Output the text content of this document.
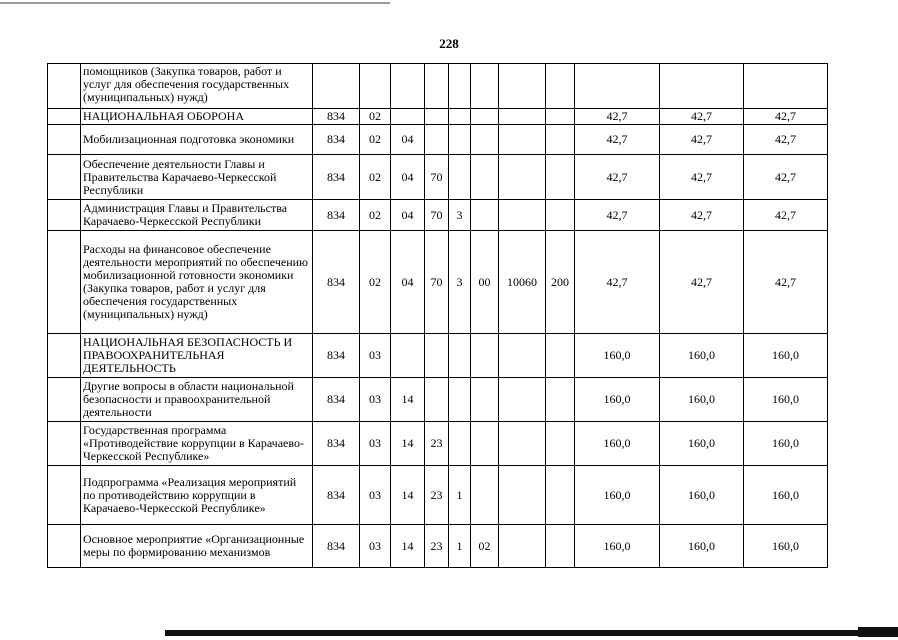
228
	помощников (Закупка товаров, работ и услуг для обеспечения государственных (муниципальных) нужд)											
	НАЦИОНАЛЬНАЯ ОБОРОНА	834	02							42,7	42,7	42,7
	Мобилизационная подготовка экономики	834	02	04						42,7	42,7	42,7
	Обеспечение деятельности Главы и Правительства Карачаево-Черкесской Республики	834	02	04	70					42,7	42,7	42,7
	Администрация Главы и Правительства Карачаево-Черкесской Республики	834	02	04	70	3				42,7	42,7	42,7
	Расходы на финансовое обеспечение деятельности мероприятий по обеспечению мобилизационной готовности экономики (Закупка товаров, работ и услуг для обеспечения государственных (муниципальных) нужд)	834	02	04	70	3	00	10060	200	42,7	42,7	42,7
	НАЦИОНАЛЬНАЯ БЕЗОПАСНОСТЬ И ПРАВООХРАНИТЕЛЬНАЯ ДЕЯТЕЛЬНОСТЬ	834	03							160,0	160,0	160,0
	Другие вопросы в области национальной безопасности и правоохранительной деятельности	834	03	14						160,0	160,0	160,0
	Государственная программа «Противодействие коррупции в Карачаево-Черкесской Республике»	834	03	14	23					160,0	160,0	160,0
	Подпрограмма «Реализация мероприятий по противодействию коррупции в Карачаево-Черкесской Республике»	834	03	14	23	1				160,0	160,0	160,0
	Основное мероприятие «Организационные меры по формированию механизмов	834	03	14	23	1	02			160,0	160,0	160,0
